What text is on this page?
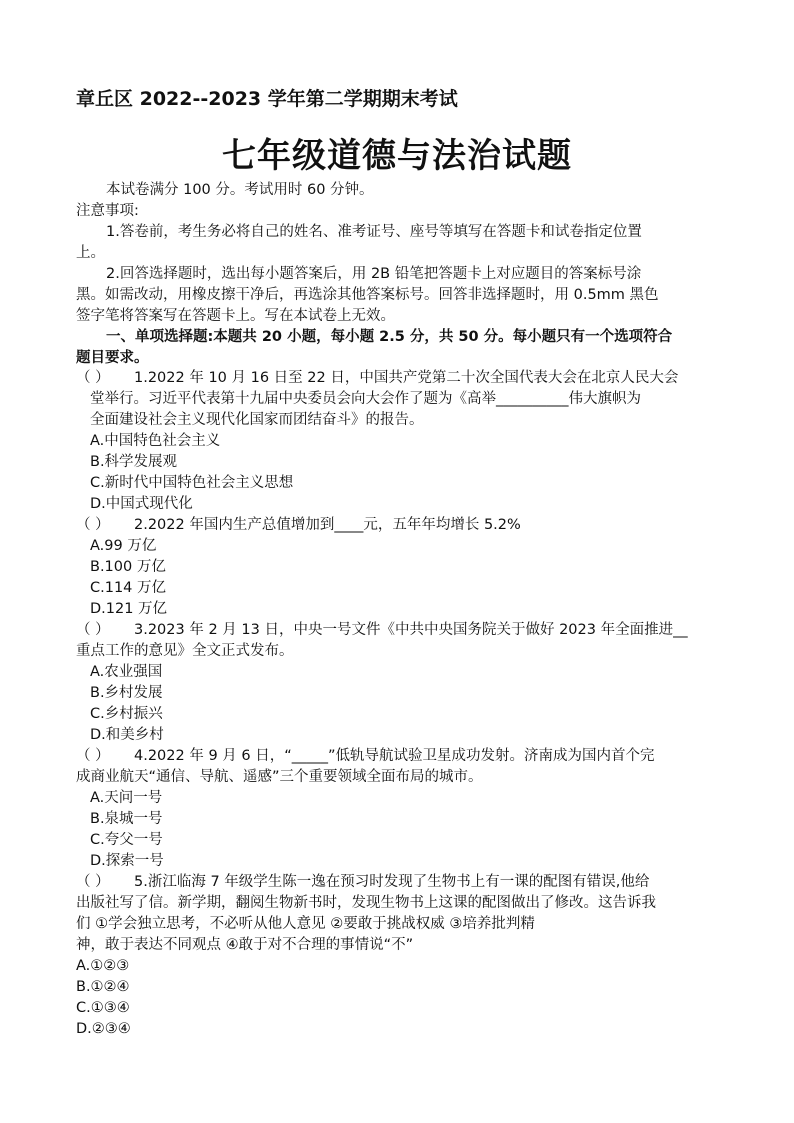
章丘区 2022--2023 学年第二学期期末考试
七年级道德与法治试题
本试卷满分 100 分。考试用时 60 分钟。
注意事项:
1.答卷前，考生务必将自己的姓名、准考证号、座号等填写在答题卡和试卷指定位置
上。
2.回答选择题时，选出每小题答案后，用 2B 铅笔把答题卡上对应题目的答案标号涂
黑。如需改动，用橡皮擦干净后，再选涂其他答案标号。回答非选择题时，用 0.5mm 黑色
签字笔将答案写在答题卡上。写在本试卷上无效。
一、单项选择题:本题共 20 小题，每小题 2.5 分，共 50 分。每小题只有一个选项符合
题目要求。
（ ） 1.2022 年 10 月 16 日至 22 日，中国共产党第二十次全国代表大会在北京人民大会
堂举行。习近平代表第十九届中央委员会向大会作了题为《高举__________伟大旗帜为
全面建设社会主义现代化国家而团结奋斗》的报告。
A.中国特色社会主义
B.科学发展观
C.新时代中国特色社会主义思想
D.中国式现代化
（ ） 2.2022 年国内生产总值增加到____元，五年年均增长 5.2%
A.99 万亿
B.100 万亿
C.114 万亿
D.121 万亿
（ ） 3.2023 年 2 月 13 日，中央一号文件《中共中央国务院关于做好 2023 年全面推进__
重点工作的意见》全文正式发布。
A.农业强国
B.乡村发展
C.乡村振兴
D.和美乡村
（ ） 4.2022 年 9 月 6 日，“_____”低轨导航试验卫星成功发射。济南成为国内首个完
成商业航天“通信、导航、遥感”三个重要领域全面布局的城市。
A.天问一号
B.泉城一号
C.夸父一号
D.探索一号
（ ） 5.浙江临海 7 年级学生陈一逸在预习时发现了生物书上有一课的配图有错误,他给
出版社写了信。新学期，翻阅生物新书时，发现生物书上这课的配图做出了修改。这告诉我
们 ①学会独立思考，不必听从他人意见 ②要敢于挑战权威 ③培养批判精
神，敢于表达不同观点 ④敢于对不合理的事情说“不”
A.①②③
B.①②④
C.①③④
D.②③④
